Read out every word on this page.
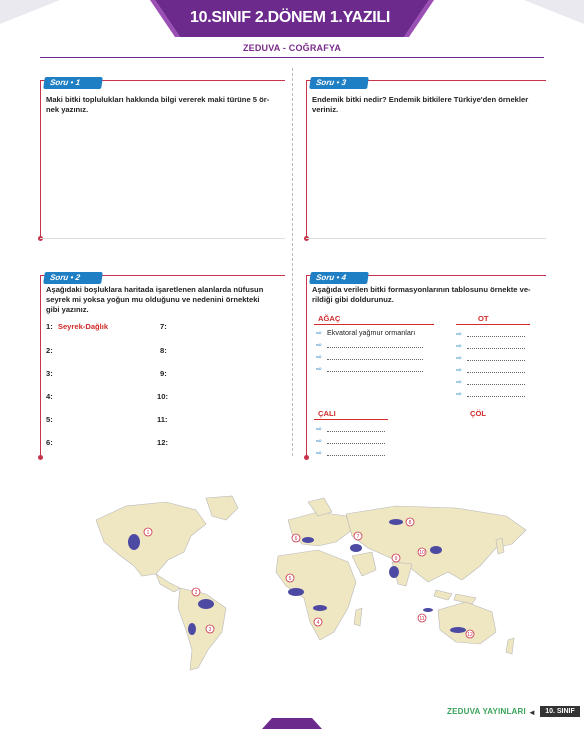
10.SINIF 2.DÖNEM 1.YAZILI
ZEDUVA - COĞRAFYA
Soru • 1
Maki bitki toplulukları hakkında bilgi vererek maki türüne 5 ör-
nek yazınız.
Soru • 3
Endemik bitki nedir? Endemik bitkilere Türkiye'den örnekler
veriniz.
Soru • 2
Aşağıdaki boşluklara haritada işaretlenen alanlarda nüfusun
seyrek mi yoksa yoğun mu olduğunu ve nedenini örnekteki
gibi yazınız.
1: Seyrek-Dağlık
2:
3:
4:
5:
6:
7:
8:
9:
10:
11:
12:
Soru • 4
Aşağıda verilen bitki formasyonlarının tablosunu örnekte ve-
rildiği gibi doldurunuz.
AĞAÇ
⇨ Ekvatoral yağmur ormanları
⇨
⇨
⇨
OT
⇨
⇨
⇨
⇨
⇨
⇨
ÇALI
⇨
⇨
⇨
ÇÖL
1
2
3
4
5
6	7
8
9
10
11
12
ZEDUVA YAYINLARI ◄	10. SINIF
